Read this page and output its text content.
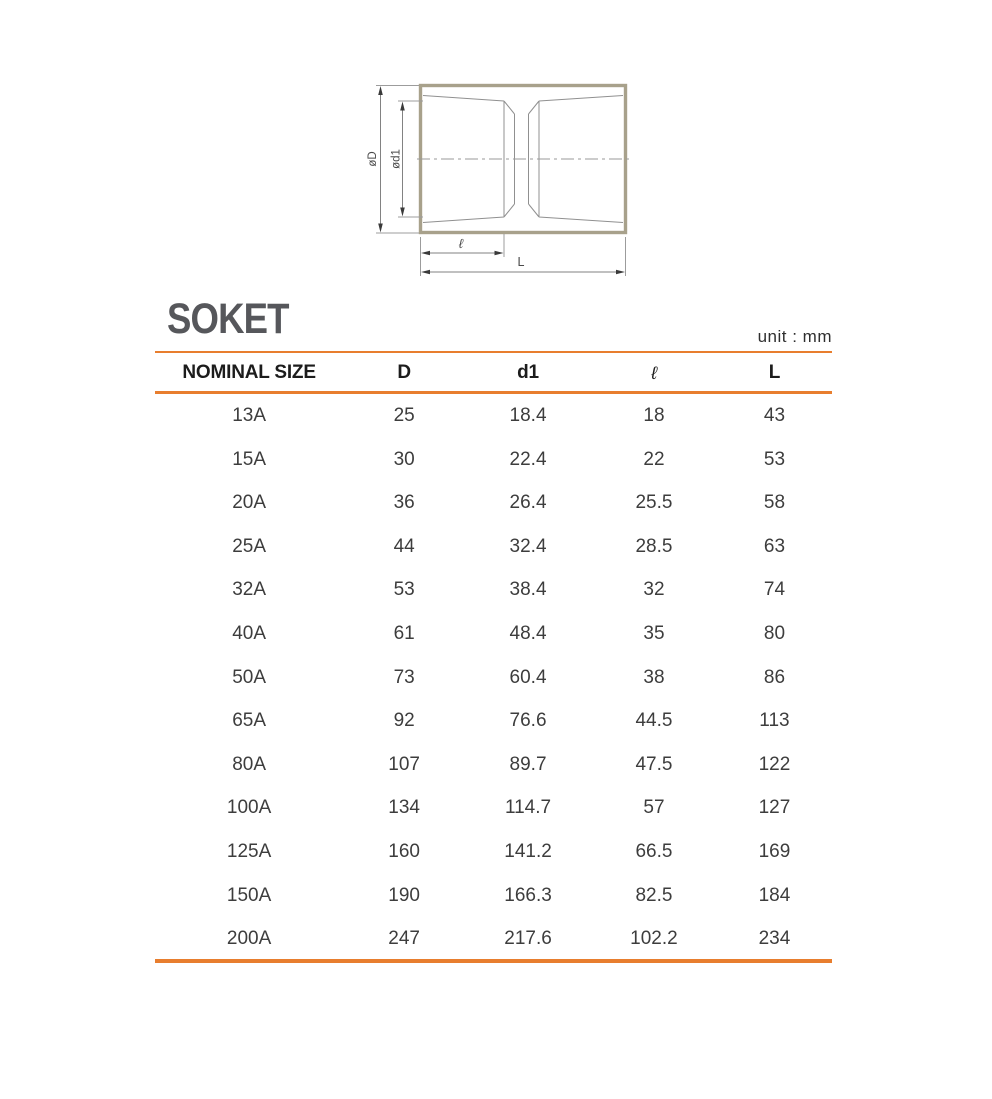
øD ød1
ℓ
L
SOKET	unit : mm
NOMINAL SIZE	D	d1	ℓ	L
13A	25	18.4	18	43
15A	30	22.4	22	53
20A	36	26.4	25.5	58
25A	44	32.4	28.5	63
32A	53	38.4	32	74
40A	61	48.4	35	80
50A	73	60.4	38	86
65A	92	76.6	44.5	113
80A	107	89.7	47.5	122
100A	134	114.7	57	127
125A	160	141.2	66.5	169
150A	190	166.3	82.5	184
200A	247	217.6	102.2	234
